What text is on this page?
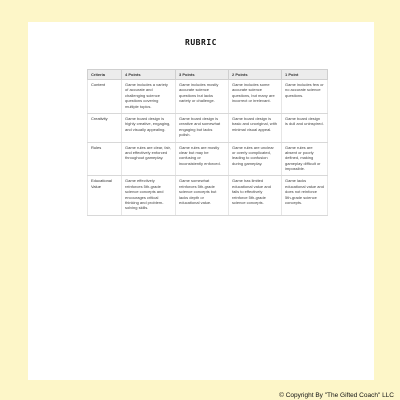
RUBRIC
Criteria	4 Points	3 Points	2 Points	1 Point
Content	Game includes a variety of accurate and challenging science questions covering multiple topics.	Game includes mostly accurate science questions but lacks variety or challenge.	Game includes some accurate science questions, but many are incorrect or irrelevant.	Game includes few or no accurate science questions.
Creativity	Game board design is highly creative, engaging, and visually appealing.	Game board design is creative and somewhat engaging but lacks polish.	Game board design is basic and unoriginal, with minimal visual appeal.	Game board design is dull and uninspired.
Rules	Game rules are clear, fair, and effectively enforced throughout gameplay.	Game rules are mostly clear but may be confusing or inconsistently enforced.	Game rules are unclear or overly complicated, leading to confusion during gameplay.	Game rules are absent or poorly defined, making gameplay difficult or impossible.
Educational Value	Game effectively reinforces 5th-grade science concepts and encourages critical thinking and problem-solving skills.	Game somewhat reinforces 5th-grade science concepts but lacks depth or educational value.	Game has limited educational value and fails to effectively reinforce 5th-grade science concepts.	Game lacks educational value and does not reinforce 5th-grade science concepts.
© Copyright By "The Gifted Coach" LLC
